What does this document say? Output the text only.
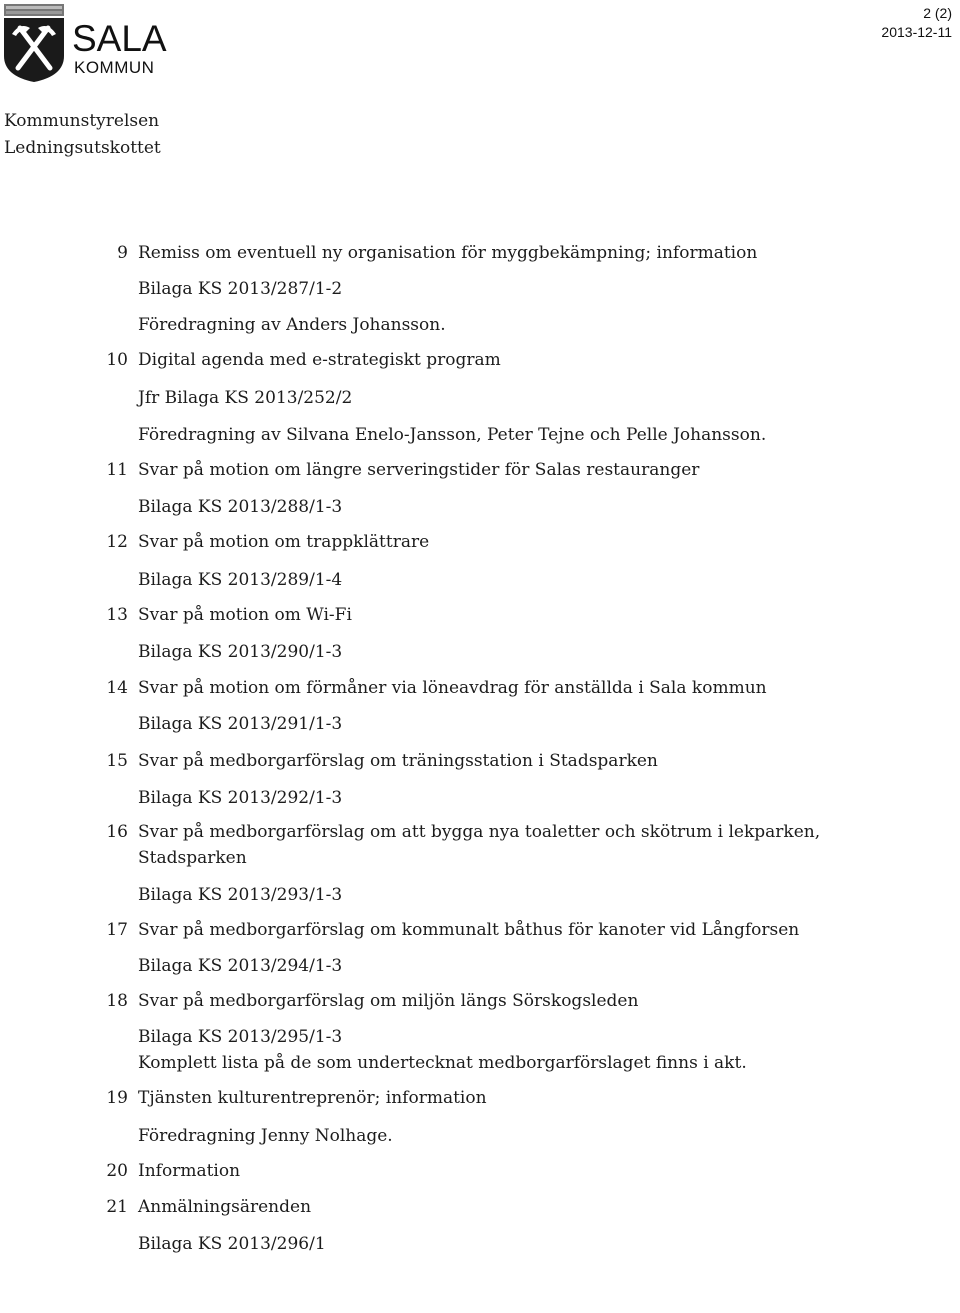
SALA
KOMMUN
2 (2)
2013-12-11
Kommunstyrelsen
Ledningsutskottet
9 Remiss om eventuell ny organisation för myggbekämpning; information
Bilaga KS 2013/287/1-2
Föredragning av Anders Johansson.
10 Digital agenda med e-strategiskt program
Jfr Bilaga KS 2013/252/2
Föredragning av Silvana Enelo-Jansson, Peter Tejne och Pelle Johansson.
11 Svar på motion om längre serveringstider för Salas restauranger
Bilaga KS 2013/288/1-3
12 Svar på motion om trappklättrare
Bilaga KS 2013/289/1-4
13 Svar på motion om Wi-Fi
Bilaga KS 2013/290/1-3
14 Svar på motion om förmåner via löneavdrag för anställda i Sala kommun
Bilaga KS 2013/291/1-3
15 Svar på medborgarförslag om träningsstation i Stadsparken
Bilaga KS 2013/292/1-3
16 Svar på medborgarförslag om att bygga nya toaletter och skötrum i lekparken,
Stadsparken
Bilaga KS 2013/293/1-3
17 Svar på medborgarförslag om kommunalt båthus för kanoter vid Långforsen
Bilaga KS 2013/294/1-3
18 Svar på medborgarförslag om miljön längs Sörskogsleden
Bilaga KS 2013/295/1-3
Komplett lista på de som undertecknat medborgarförslaget finns i akt.
19 Tjänsten kulturentreprenör; information
Föredragning Jenny Nolhage.
20 Information
21 Anmälningsärenden
Bilaga KS 2013/296/1
